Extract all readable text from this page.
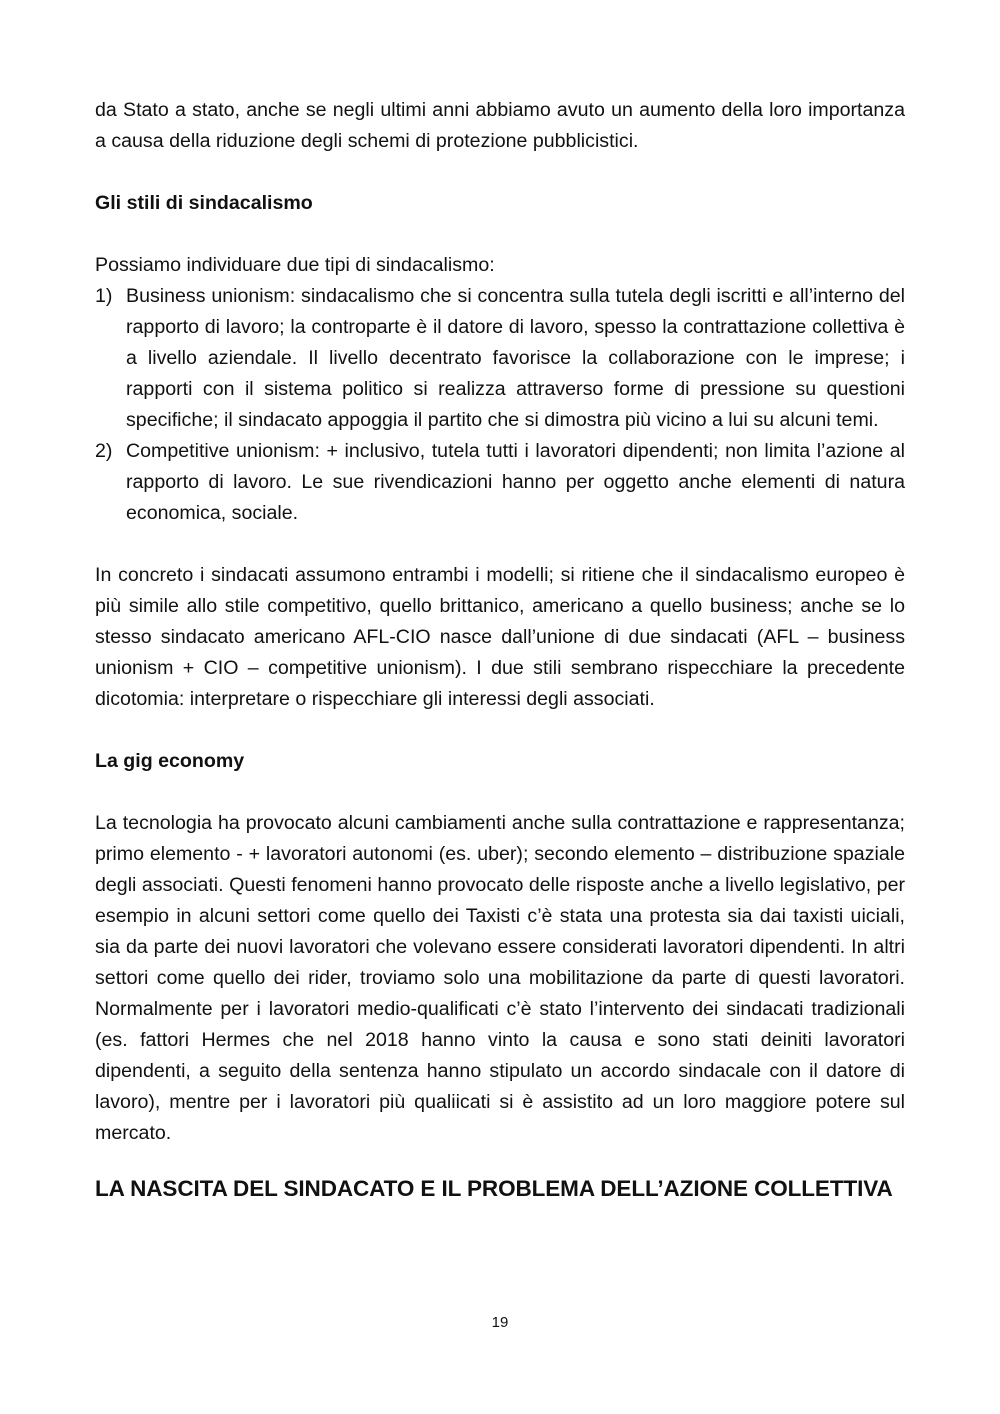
da Stato a stato, anche se negli ultimi anni abbiamo avuto un aumento della loro importanza a causa della riduzione degli schemi di protezione pubblicistici.

Gli stili di sindacalismo

Possiamo individuare due tipi di sindacalismo:

1) Business unionism: sindacalismo che si concentra sulla tutela degli iscritti e all’interno del rapporto di lavoro; la controparte è il datore di lavoro, spesso la contrattazione collettiva è a livello aziendale. Il livello decentrato favorisce la collaborazione con le imprese; i rapporti con il sistema politico si realizza attraverso forme di pressione su questioni specifiche; il sindacato appoggia il partito che si dimostra più vicino a lui su alcuni temi.
2) Competitive unionism: + inclusivo, tutela tutti i lavoratori dipendenti; non limita l’azione al rapporto di lavoro. Le sue rivendicazioni hanno per oggetto anche elementi di natura economica, sociale.

In concreto i sindacati assumono entrambi i modelli; si ritiene che il sindacalismo europeo è più simile allo stile competitivo, quello brittanico, americano a quello business; anche se lo stesso sindacato americano AFL-CIO nasce dall’unione di due sindacati (AFL – business unionism + CIO – competitive unionism). I due stili sembrano rispecchiare la precedente dicotomia: interpretare o rispecchiare gli interessi degli associati.

La gig economy

La tecnologia ha provocato alcuni cambiamenti anche sulla contrattazione e rappresentanza; primo elemento - + lavoratori autonomi (es. uber); secondo elemento – distribuzione spaziale degli associati. Questi fenomeni hanno provocato delle risposte anche a livello legislativo, per esempio in alcuni settori come quello dei Taxisti c’è stata una protesta sia dai taxisti uiciali, sia da parte dei nuovi lavoratori che volevano essere considerati lavoratori dipendenti. In altri settori come quello dei rider, troviamo solo una mobilitazione da parte di questi lavoratori. Normalmente per i lavoratori medio-qualificati c’è stato l’intervento dei sindacati tradizionali (es. fattori Hermes che nel 2018 hanno vinto la causa e sono stati deiniti lavoratori dipendenti, a seguito della sentenza hanno stipulato un accordo sindacale con il datore di lavoro), mentre per i lavoratori più qualiicati si è assistito ad un loro maggiore potere sul mercato.

LA NASCITA DEL SINDACATO E IL PROBLEMA DELL’AZIONE COLLETTIVA
19
